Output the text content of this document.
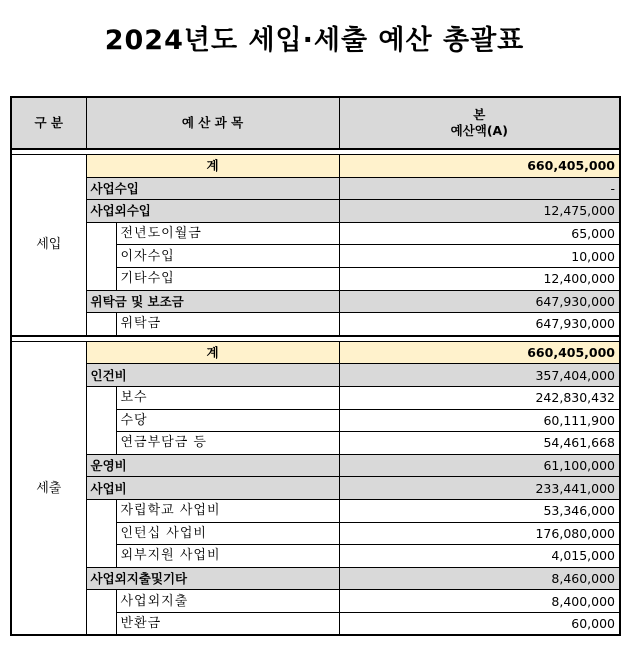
2024년도 세입·세출 예산 총괄표
구 분	예 산 과 목		본
예산액(A)

세입	계		660,405,000
	사업수입		-
	사업외수입		12,475,000
		전년도이월금	65,000
		이자수입	10,000
		기타수입	12,400,000
	위탁금 및 보조금		647,930,000
		위탁금	647,930,000

세출	계		660,405,000
	인건비		357,404,000
		보수	242,830,432
		수당	60,111,900
		연금부담금 등	54,461,668
	운영비		61,100,000
	사업비		233,441,000
		자립학교 사업비	53,346,000
		인턴십 사업비	176,080,000
		외부지원 사업비	4,015,000
	사업외지출및기타		8,460,000
		사업외지출	8,400,000
		반환금	60,000
